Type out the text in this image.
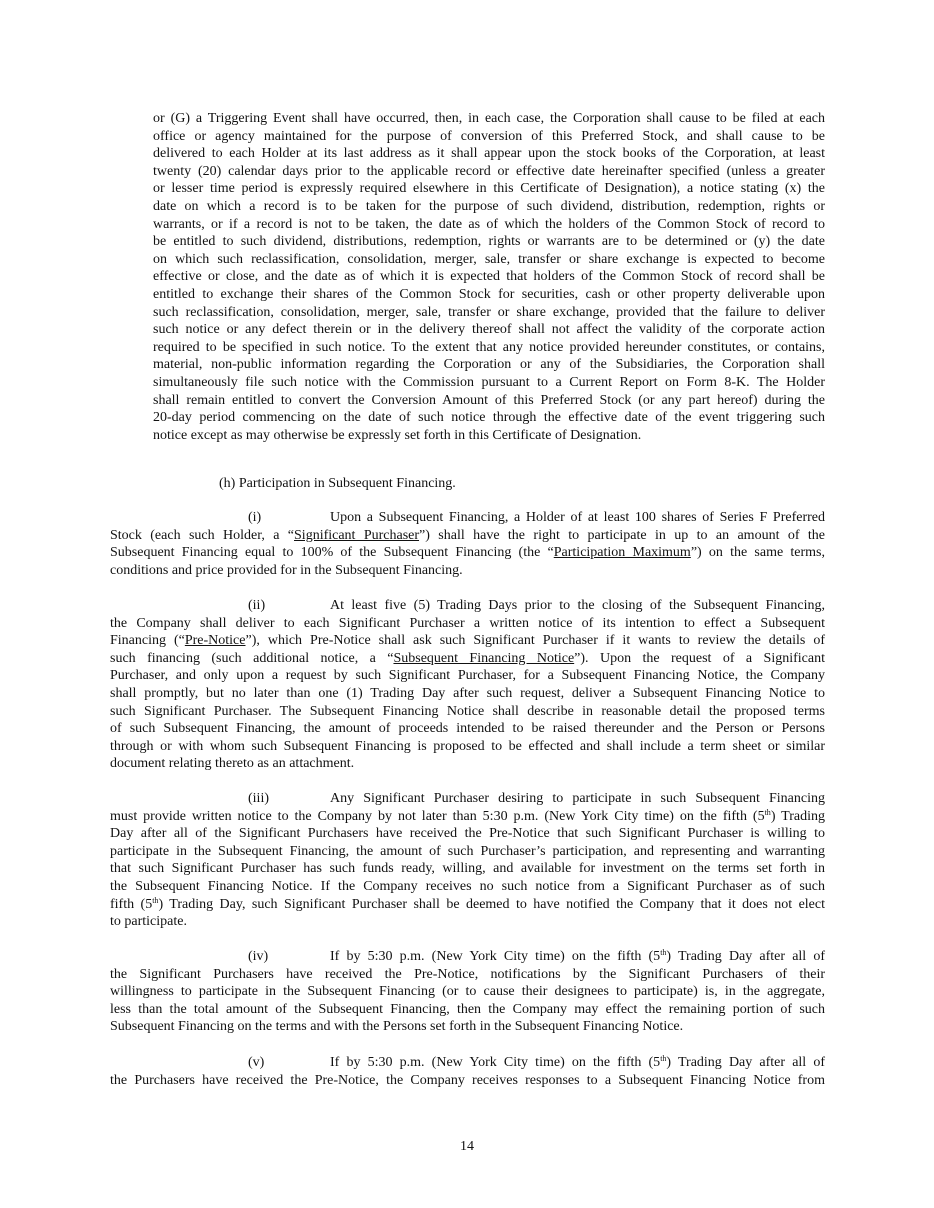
or (G) a Triggering Event shall have occurred, then, in each case, the Corporation shall cause to be filed at each
office or agency maintained for the purpose of conversion of this Preferred Stock, and shall cause to be
delivered to each Holder at its last address as it shall appear upon the stock books of the Corporation, at least
twenty (20) calendar days prior to the applicable record or effective date hereinafter specified (unless a greater
or lesser time period is expressly required elsewhere in this Certificate of Designation), a notice stating (x) the
date on which a record is to be taken for the purpose of such dividend, distribution, redemption, rights or
warrants, or if a record is not to be taken, the date as of which the holders of the Common Stock of record to
be entitled to such dividend, distributions, redemption, rights or warrants are to be determined or (y) the date
on which such reclassification, consolidation, merger, sale, transfer or share exchange is expected to become
effective or close, and the date as of which it is expected that holders of the Common Stock of record shall be
entitled to exchange their shares of the Common Stock for securities, cash or other property deliverable upon
such reclassification, consolidation, merger, sale, transfer or share exchange, provided that the failure to deliver
such notice or any defect therein or in the delivery thereof shall not affect the validity of the corporate action
required to be specified in such notice. To the extent that any notice provided hereunder constitutes, or contains,
material, non-public information regarding the Corporation or any of the Subsidiaries, the Corporation shall
simultaneously file such notice with the Commission pursuant to a Current Report on Form 8-K. The Holder
shall remain entitled to convert the Conversion Amount of this Preferred Stock (or any part hereof) during the
20-day period commencing on the date of such notice through the effective date of the event triggering such
notice except as may otherwise be expressly set forth in this Certificate of Designation.
(h) Participation in Subsequent Financing.
(i)	Upon a Subsequent Financing, a Holder of at least 100 shares of Series F Preferred
Stock (each such Holder, a “Significant Purchaser”) shall have the right to participate in up to an amount of the
Subsequent Financing equal to 100% of the Subsequent Financing (the “Participation Maximum”) on the same terms,
conditions and price provided for in the Subsequent Financing.
(ii)	At least five (5) Trading Days prior to the closing of the Subsequent Financing,
the Company shall deliver to each Significant Purchaser a written notice of its intention to effect a Subsequent
Financing (“Pre-Notice”), which Pre-Notice shall ask such Significant Purchaser if it wants to review the details of
such financing (such additional notice, a “Subsequent Financing Notice”). Upon the request of a Significant
Purchaser, and only upon a request by such Significant Purchaser, for a Subsequent Financing Notice, the Company
shall promptly, but no later than one (1) Trading Day after such request, deliver a Subsequent Financing Notice to
such Significant Purchaser. The Subsequent Financing Notice shall describe in reasonable detail the proposed terms
of such Subsequent Financing, the amount of proceeds intended to be raised thereunder and the Person or Persons
through or with whom such Subsequent Financing is proposed to be effected and shall include a term sheet or similar
document relating thereto as an attachment.
(iii)	Any Significant Purchaser desiring to participate in such Subsequent Financing
must provide written notice to the Company by not later than 5:30 p.m. (New York City time) on the fifth (5th) Trading
Day after all of the Significant Purchasers have received the Pre-Notice that such Significant Purchaser is willing to
participate in the Subsequent Financing, the amount of such Purchaser’s participation, and representing and warranting
that such Significant Purchaser has such funds ready, willing, and available for investment on the terms set forth in
the Subsequent Financing Notice. If the Company receives no such notice from a Significant Purchaser as of such
fifth (5th) Trading Day, such Significant Purchaser shall be deemed to have notified the Company that it does not elect
to participate.
(iv)	If by 5:30 p.m. (New York City time) on the fifth (5th) Trading Day after all of
the Significant Purchasers have received the Pre-Notice, notifications by the Significant Purchasers of their
willingness to participate in the Subsequent Financing (or to cause their designees to participate) is, in the aggregate,
less than the total amount of the Subsequent Financing, then the Company may effect the remaining portion of such
Subsequent Financing on the terms and with the Persons set forth in the Subsequent Financing Notice.
(v)	If by 5:30 p.m. (New York City time) on the fifth (5th) Trading Day after all of
the Purchasers have received the Pre-Notice, the Company receives responses to a Subsequent Financing Notice from
14
